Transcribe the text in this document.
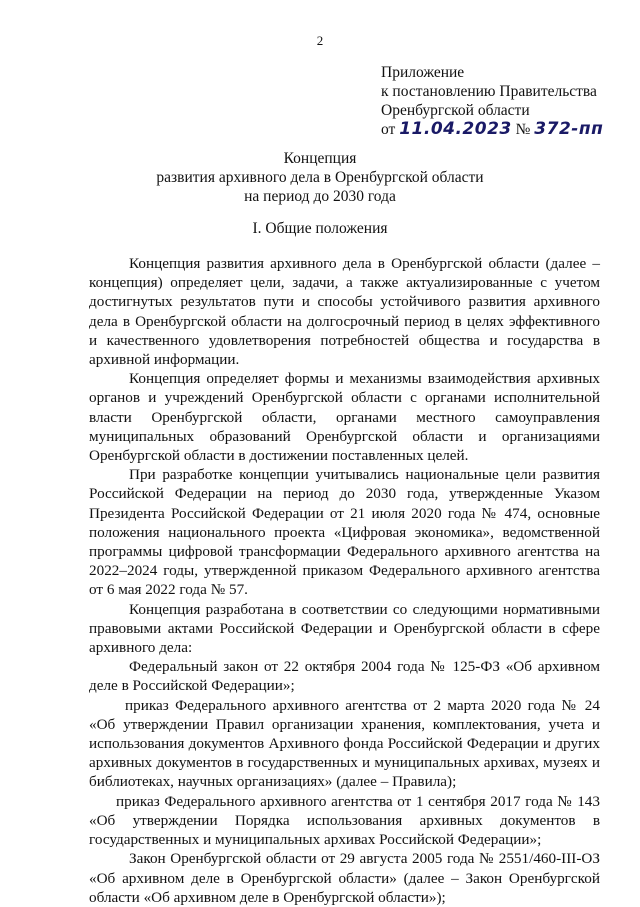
2
Приложение
к постановлению Правительства
Оренбургской области
от 11.04.2023 № 372-пп
Концепция
развития архивного дела в Оренбургской области
на период до 2030 года
I. Общие положения

Концепция развития архивного дела в Оренбургской области (далее – концепция) определяет цели, задачи, а также актуализированные с учетом достигнутых результатов пути и способы устойчивого развития архивного дела в Оренбургской области на долгосрочный период в целях эффективного и качественного удовлетворения потребностей общества и государства в архивной информации.

Концепция определяет формы и механизмы взаимодействия архивных органов и учреждений Оренбургской области с органами исполнительной власти Оренбургской области, органами местного самоуправления муниципальных образований Оренбургской области и организациями Оренбургской области в достижении поставленных целей.

При разработке концепции учитывались национальные цели развития Российской Федерации на период до 2030 года, утвержденные Указом Президента Российской Федерации от 21 июля 2020 года № 474, основные положения национального проекта «Цифровая экономика», ведомственной программы цифровой трансформации Федерального архивного агентства на 2022–2024 годы, утвержденной приказом Федерального архивного агентства от 6 мая 2022 года № 57.

Концепция разработана в соответствии со следующими нормативными правовыми актами Российской Федерации и Оренбургской области в сфере архивного дела:

Федеральный закон от 22 октября 2004 года № 125-ФЗ «Об архивном деле в Российской Федерации»;

приказ Федерального архивного агентства от 2 марта 2020 года № 24 «Об утверждении Правил организации хранения, комплектования, учета и использования документов Архивного фонда Российской Федерации и других архивных документов в государственных и муниципальных архивах, музеях и библиотеках, научных организациях» (далее – Правила);

приказ Федерального архивного агентства от 1 сентября 2017 года № 143 «Об утверждении Порядка использования архивных документов в государственных и муниципальных архивах Российской Федерации»;

Закон Оренбургской области от 29 августа 2005 года № 2551/460-III-ОЗ «Об архивном деле в Оренбургской области» (далее – Закон Оренбургской области «Об архивном деле в Оренбургской области»);
